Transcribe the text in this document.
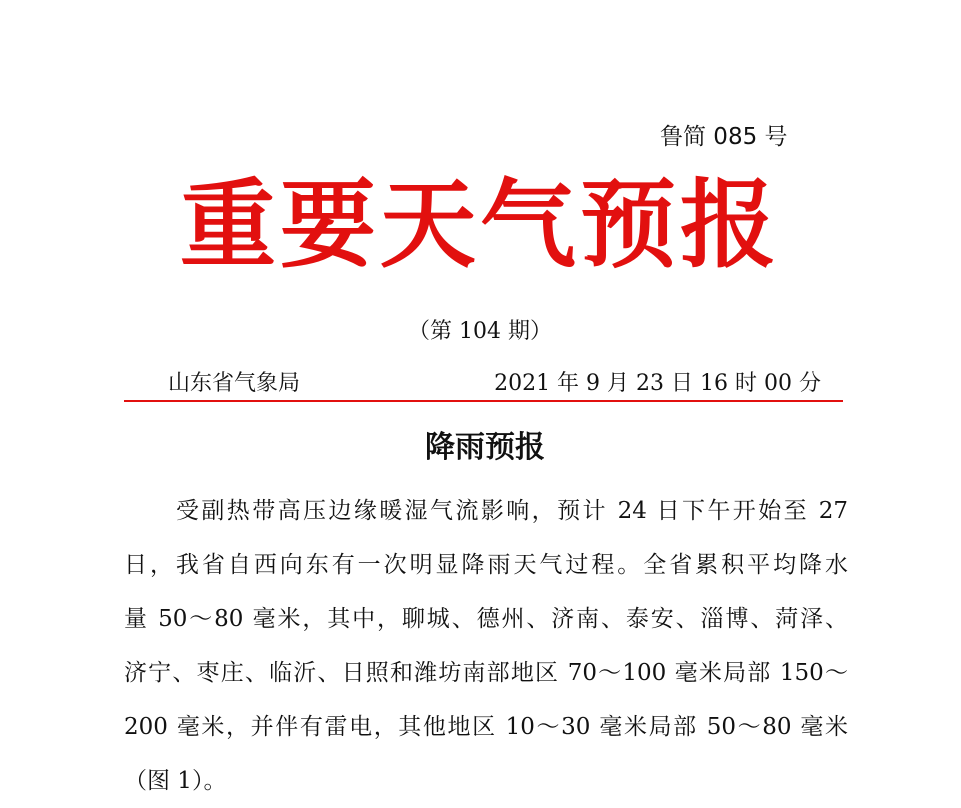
鲁简 085 号
重要天气预报
（第 104 期）
山东省气象局	2021 年 9 月 23 日 16 时 00 分
降雨预报
受副热带高压边缘暖湿气流影响，预计 24 日下午开始至 27
日，我省自西向东有一次明显降雨天气过程。全省累积平均降水
量 50～80 毫米，其中，聊城、德州、济南、泰安、淄博、菏泽、
济宁、枣庄、临沂、日照和潍坊南部地区 70～100 毫米局部 150～
200 毫米，并伴有雷电，其他地区 10～30 毫米局部 50～80 毫米
（图 1）。
